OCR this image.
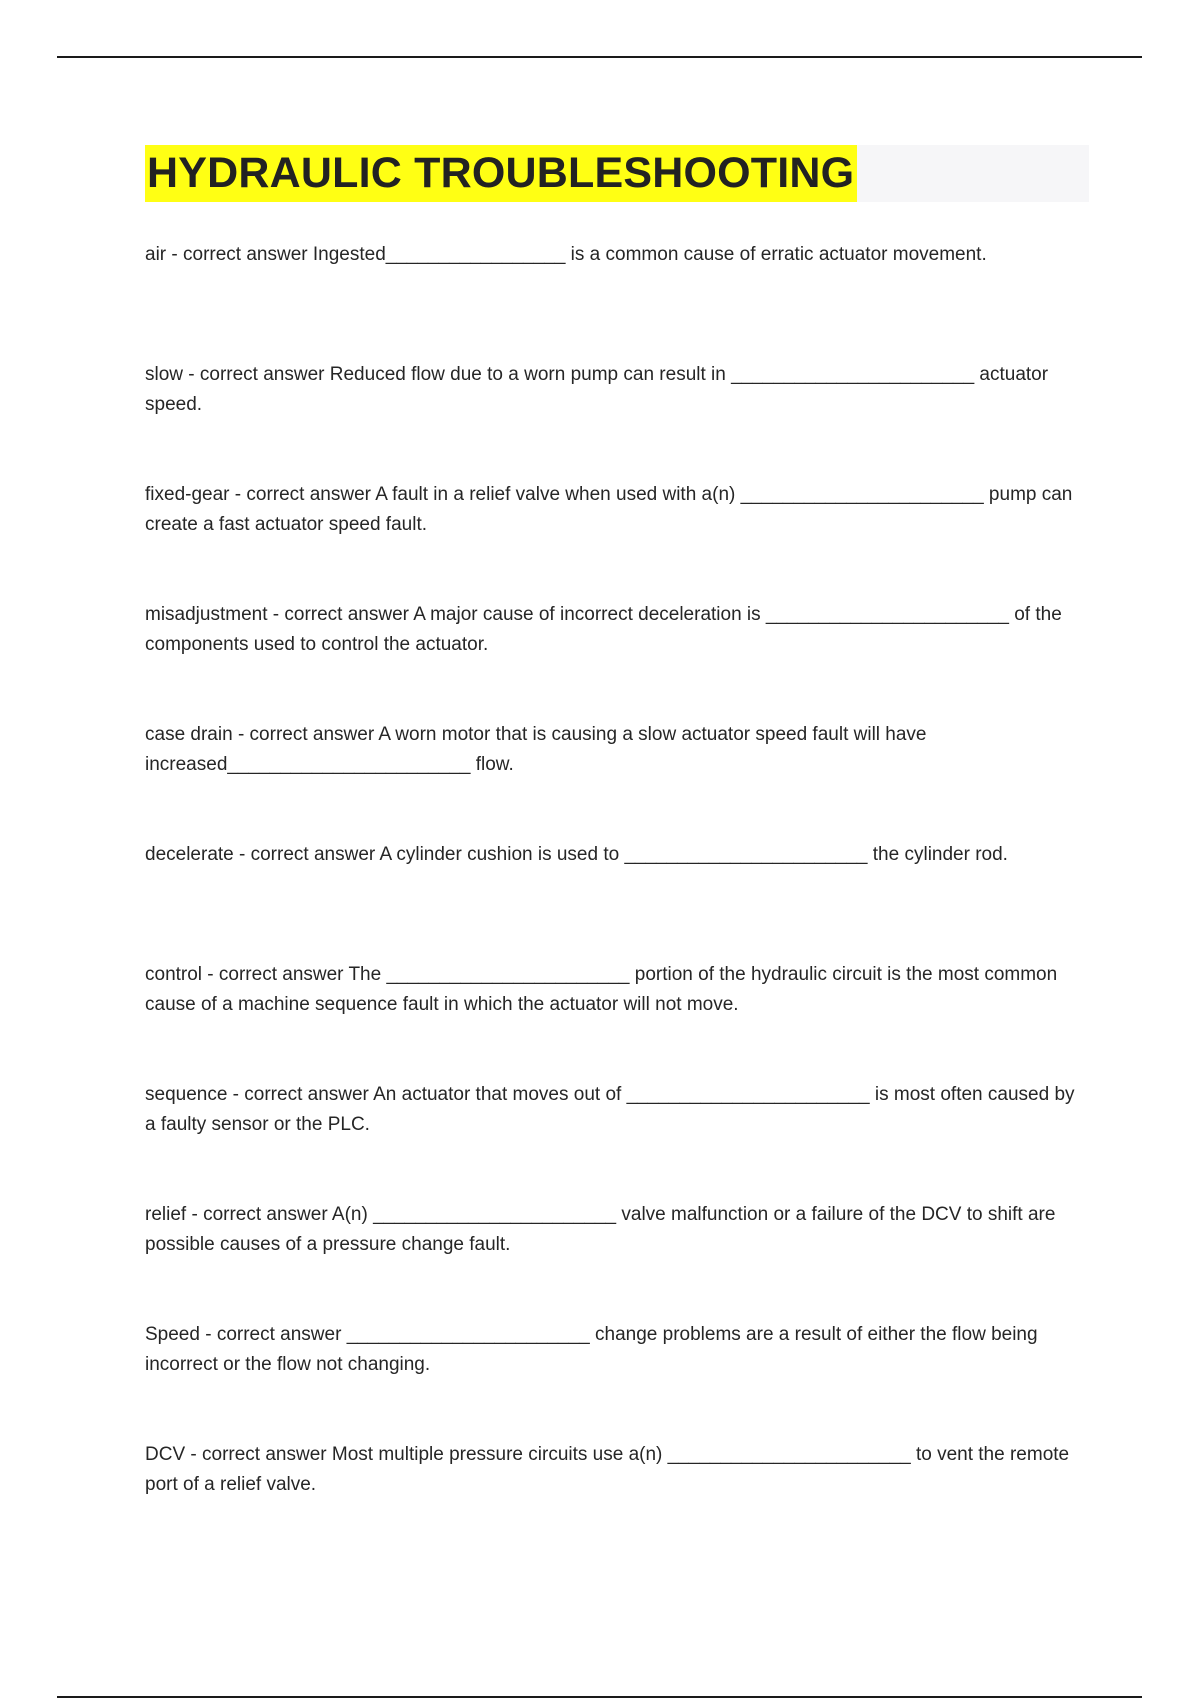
HYDRAULIC TROUBLESHOOTING

air - correct answer Ingested_________________ is a common cause of erratic actuator movement.

slow - correct answer Reduced flow due to a worn pump can result in _______________________ actuator speed.

fixed-gear - correct answer A fault in a relief valve when used with a(n) _______________________ pump can create a fast actuator speed fault.

misadjustment - correct answer A major cause of incorrect deceleration is _______________________ of the components used to control the actuator.

case drain - correct answer A worn motor that is causing a slow actuator speed fault will have increased_______________________ flow.

decelerate - correct answer A cylinder cushion is used to _______________________ the cylinder rod.

control - correct answer The _______________________ portion of the hydraulic circuit is the most common cause of a machine sequence fault in which the actuator will not move.

sequence - correct answer An actuator that moves out of _______________________ is most often caused by a faulty sensor or the PLC.

relief - correct answer A(n) _______________________ valve malfunction or a failure of the DCV to shift are possible causes of a pressure change fault.

Speed - correct answer _______________________ change problems are a result of either the flow being incorrect or the flow not changing.

DCV - correct answer Most multiple pressure circuits use a(n) _______________________ to vent the remote port of a relief valve.
